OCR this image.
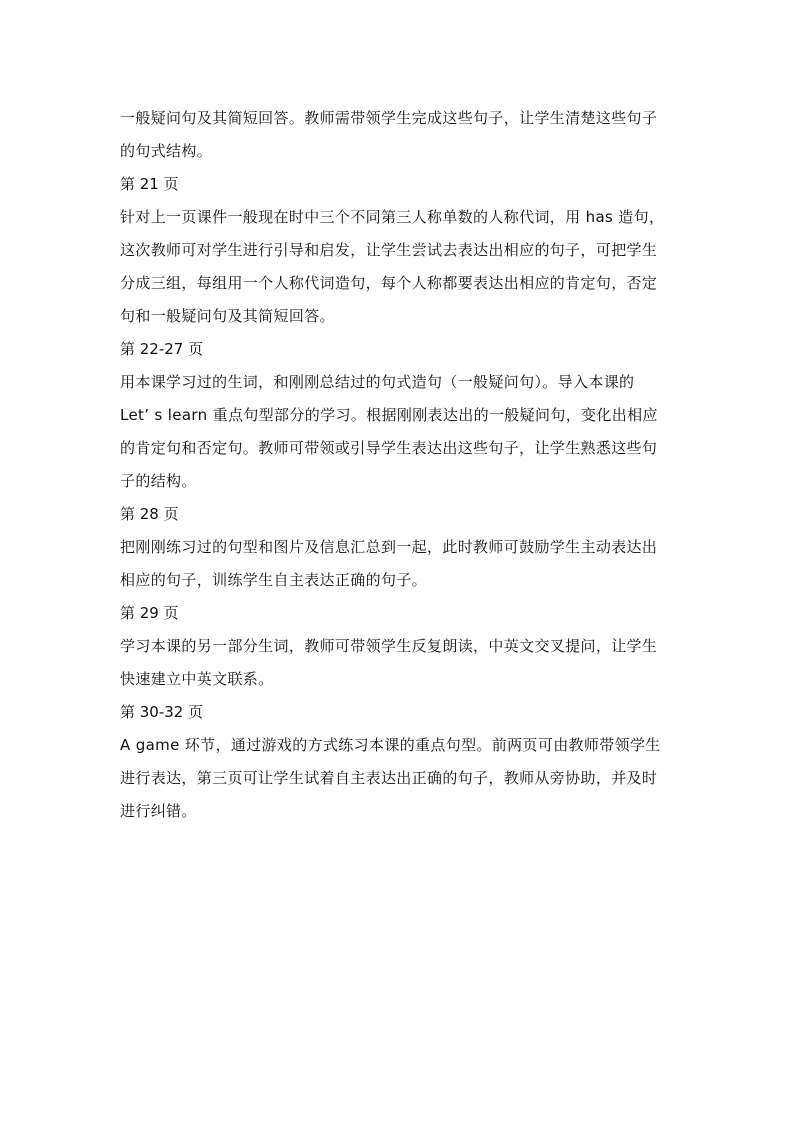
一般疑问句及其简短回答。教师需带领学生完成这些句子，让学生清楚这些句子
的句式结构。
第 21 页
针对上一页课件一般现在时中三个不同第三人称单数的人称代词，用 has 造句，
这次教师可对学生进行引导和启发，让学生尝试去表达出相应的句子，可把学生
分成三组，每组用一个人称代词造句，每个人称都要表达出相应的肯定句，否定
句和一般疑问句及其简短回答。
第 22-27 页
用本课学习过的生词，和刚刚总结过的句式造句（一般疑问句）。导入本课的
Let’ s learn 重点句型部分的学习。根据刚刚表达出的一般疑问句，变化出相应
的肯定句和否定句。教师可带领或引导学生表达出这些句子，让学生熟悉这些句
子的结构。
第 28 页
把刚刚练习过的句型和图片及信息汇总到一起，此时教师可鼓励学生主动表达出
相应的句子，训练学生自主表达正确的句子。
第 29 页
学习本课的另一部分生词，教师可带领学生反复朗读，中英文交叉提问，让学生
快速建立中英文联系。
第 30-32 页
A game 环节，通过游戏的方式练习本课的重点句型。前两页可由教师带领学生
进行表达，第三页可让学生试着自主表达出正确的句子，教师从旁协助，并及时
进行纠错。
